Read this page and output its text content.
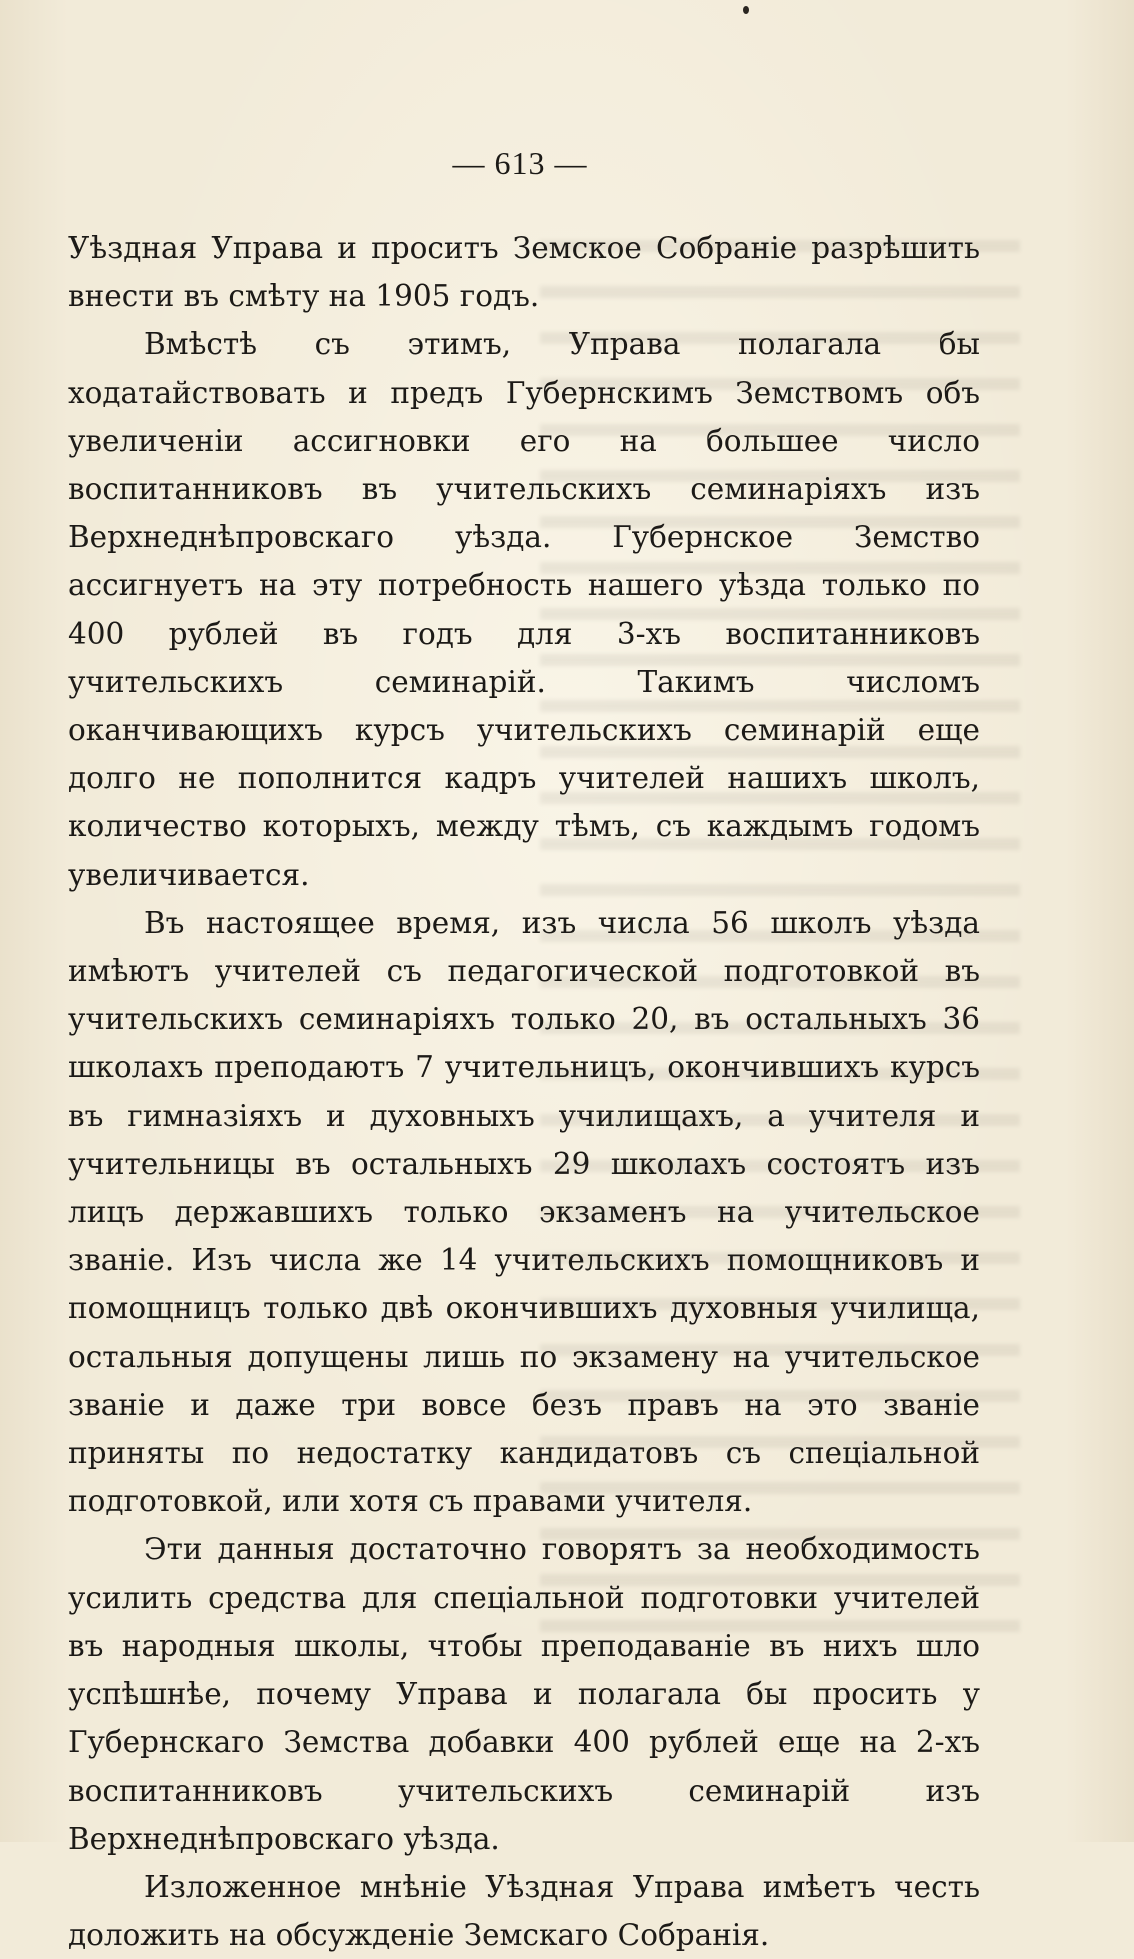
— 613 —

Уѣздная Управа и проситъ Земское Собраніе разрѣшить внести въ смѣту на 1905 годъ.

Вмѣстѣ съ этимъ, Управа полагала бы ходатайствовать и предъ Губернскимъ Земствомъ объ увеличеніи ассигновки его на большее число воспитанниковъ въ учительскихъ семинаріяхъ изъ Верхнеднѣпровскаго уѣзда. Губернское Земство ассигнуетъ на эту потребность нашего уѣзда только по 400 рублей въ годъ для 3-хъ воспитанниковъ учительскихъ семинарій. Такимъ числомъ оканчивающихъ курсъ учительскихъ семинарій еще долго не пополнится кадръ учителей нашихъ школъ, количество которыхъ, между тѣмъ, съ каждымъ годомъ увеличивается.

Въ настоящее время, изъ числа 56 школъ уѣзда имѣютъ учителей съ педагогической подготовкой въ учительскихъ семинаріяхъ только 20, въ остальныхъ 36 школахъ преподаютъ 7 учительницъ, окончившихъ курсъ въ гимназіяхъ и духовныхъ училищахъ, а учителя и учительницы въ остальныхъ 29 школахъ состоятъ изъ лицъ державшихъ только экзаменъ на учительское званіе. Изъ числа же 14 учительскихъ помощниковъ и помощницъ только двѣ окончившихъ духовныя училища, остальныя допущены лишь по экзамену на учительское званіе и даже три вовсе безъ правъ на это званіе приняты по недостатку кандидатовъ съ спеціальной подготовкой, или хотя съ правами учителя.

Эти данныя достаточно говорятъ за необходимость усилить средства для спеціальной подготовки учителей въ народныя школы, чтобы преподаваніе въ нихъ шло успѣшнѣе, почему Управа и полагала бы просить у Губернскаго Земства добавки 400 рублей еще на 2-хъ воспитанниковъ учительскихъ семинарій изъ Верхнеднѣпровскаго уѣзда.

Изложенное мнѣніе Уѣздная Управа имѣетъ честь доложить на обсужденіе Земскаго Собранія.
